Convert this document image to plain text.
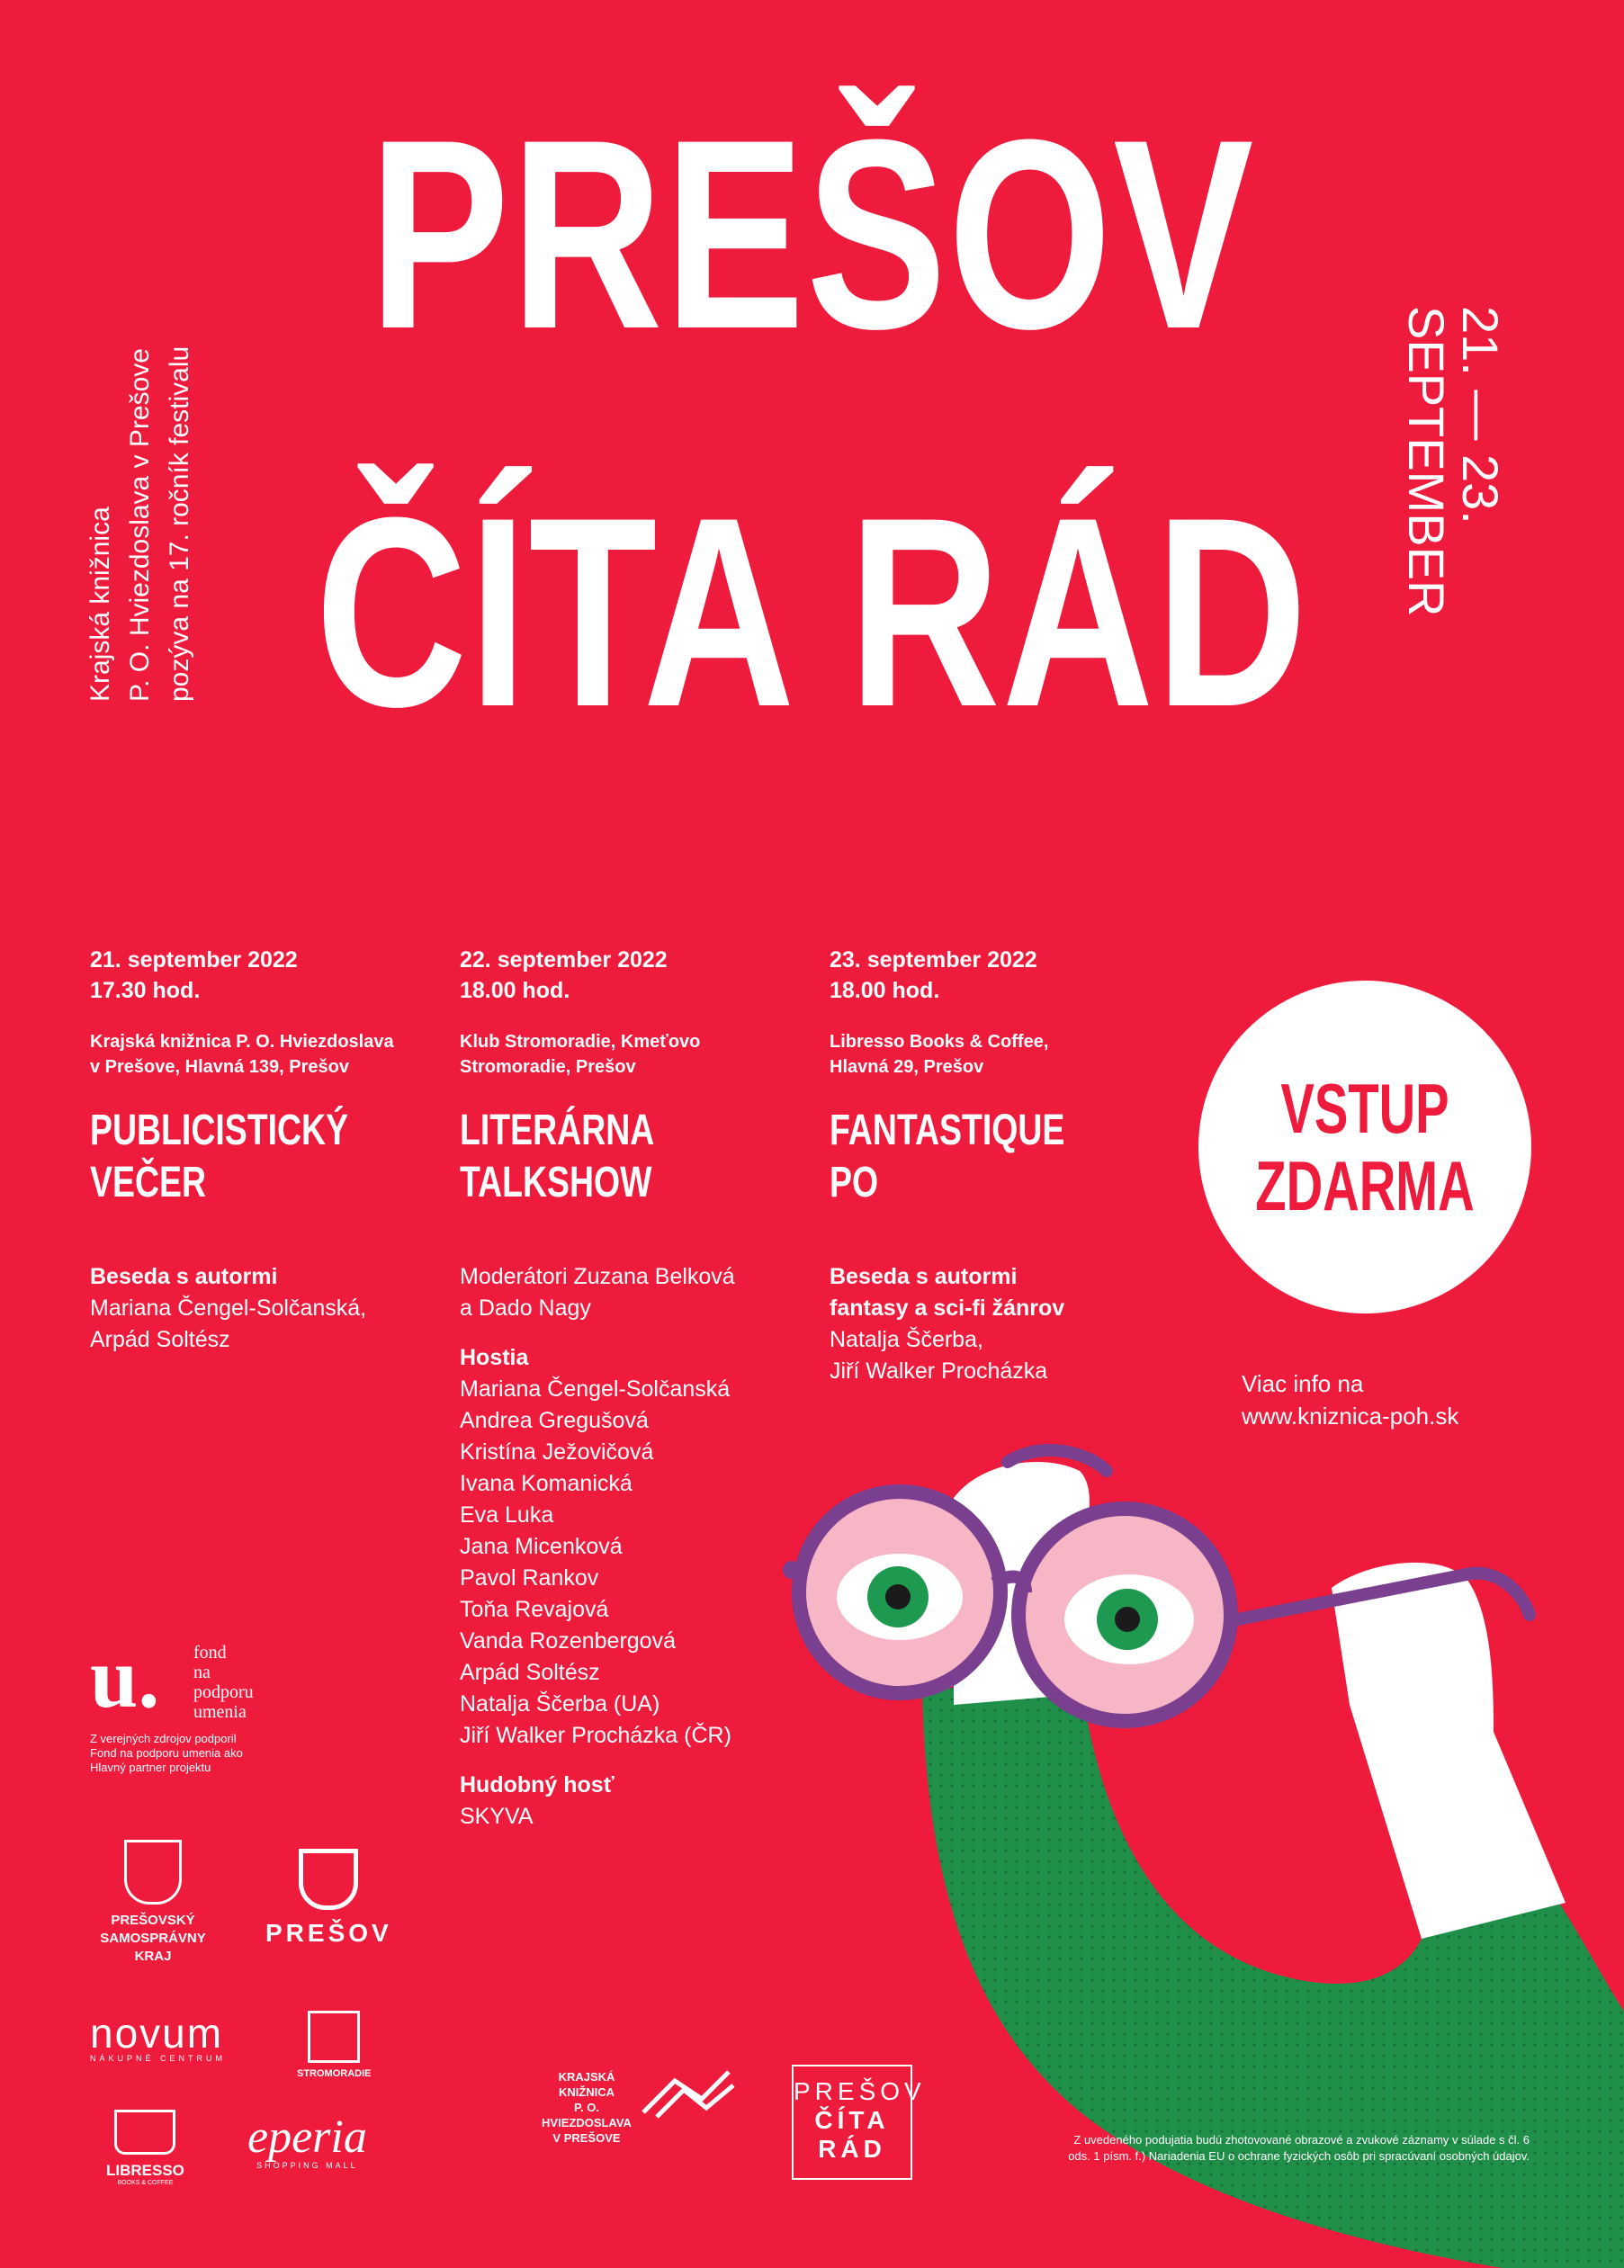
PREŠOV
ČÍTA RÁD
Krajská knižnica P. O. Hviezdoslava v Prešove pozýva na 17. ročník festivalu	21. — 23.
SEPTEMBER
21. september 2022
17.30 hod.
Krajská knižnica P. O. Hviezdoslava
v Prešove, Hlavná 139, Prešov
PUBLICISTICKÝ
VEČER
Beseda s autormi
Mariana Čengel-Solčanská,
Arpád Soltész
22. september 2022
18.00 hod.
Klub Stromoradie, Kmeťovo
Stromoradie, Prešov
LITERÁRNA
TALKSHOW
Moderátori Zuzana Belková
a Dado Nagy
Hostia
Mariana Čengel-Solčanská
Andrea Gregušová
Kristína Ježovičová
Ivana Komanická
Eva Luka
Jana Micenková
Pavol Rankov
Toňa Revajová
Vanda Rozenbergová
Arpád Soltész
Natalja Ščerba (UA)
Jiří Walker Procházka (ČR)
Hudobný hosť
SKYVA
23. september 2022
18.00 hod.
Libresso Books & Coffee,
Hlavná 29, Prešov
FANTASTIQUE
PO
Beseda s autormi
fantasy a sci-fi žánrov
Natalja Ščerba,
Jiří Walker Procházka
VSTUP
ZDARMA
Viac info na
www.kniznica-poh.sk
u. fond
na podporu
umenia
Z verejných zdrojov podporil
Fond na podporu umenia ako
Hlavný partner projektu
PREŠOVSKÝ
SAMOSPRÁVNY
KRAJ
PREŠOV
novum
NÁKUPNÉ CENTRUM
STROMORADIE
LIBRESSO
BOOKS & COFFEE
eperia
SHOPPING MALL
KRAJSKÁ KNIŽNICA
P. O. HVIEZDOSLAVA
V PREŠOVE
PREŠOV
ČÍTA
RÁD	Z uvedeného podujatia budú zhotovované obrazové a zvukové záznamy v súlade s čl. 6
ods. 1 písm. f.) Nariadenia EU o ochrane fyzických osôb pri spracúvaní osobných údajov.
